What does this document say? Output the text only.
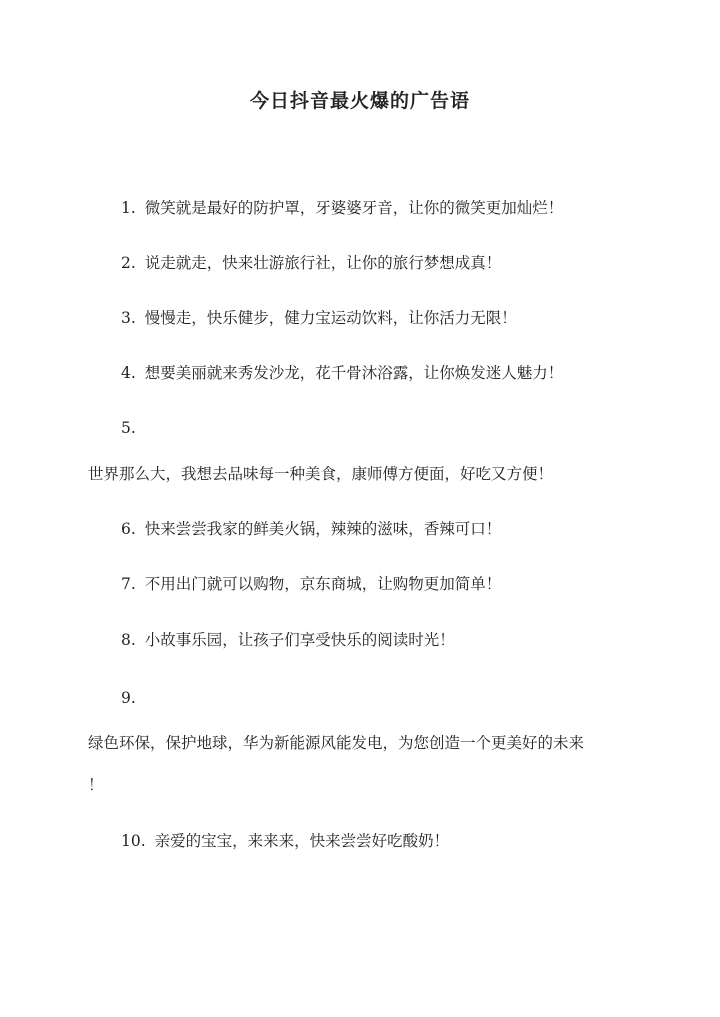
今日抖音最火爆的广告语
1. 微笑就是最好的防护罩，牙婆婆牙音，让你的微笑更加灿烂！
2. 说走就走，快来壮游旅行社，让你的旅行梦想成真！
3. 慢慢走，快乐健步，健力宝运动饮料，让你活力无限！
4. 想要美丽就来秀发沙龙，花千骨沐浴露，让你焕发迷人魅力！
5.
世界那么大，我想去品味每一种美食，康师傅方便面，好吃又方便！
6. 快来尝尝我家的鲜美火锅，辣辣的滋味，香辣可口！
7. 不用出门就可以购物，京东商城，让购物更加简单！
8. 小故事乐园，让孩子们享受快乐的阅读时光！
9.
绿色环保，保护地球，华为新能源风能发电，为您创造一个更美好的未来
！
10. 亲爱的宝宝，来来来，快来尝尝好吃酸奶！
